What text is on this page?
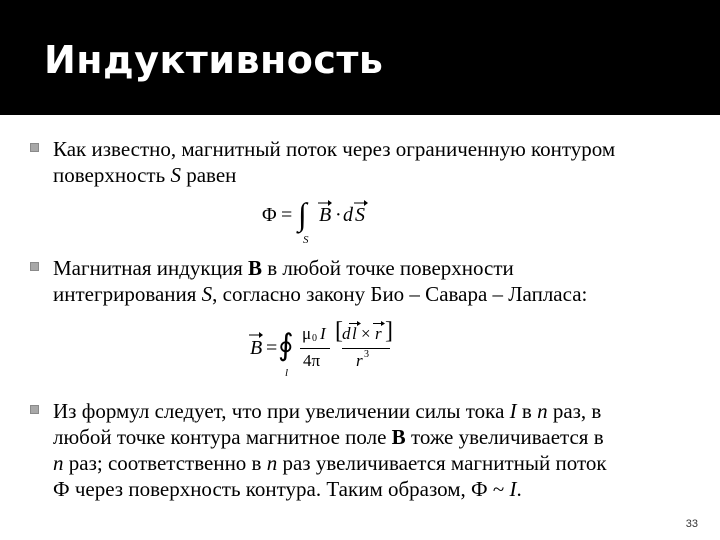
Индуктивность
Как известно, магнитный поток через ограниченную контуром
поверхность S равен
Φ = ∫
S
B · d S
Магнитная индукция B в любой точке поверхности
интегрирования S, согласно закону Био – Савара – Лапласа:
B = ∮
l
μ 0 I
4π
[ d l × r ]
r 3
Из формул следует, что при увеличении силы тока I в n раз, в
любой точке контура магнитное поле B тоже увеличивается в
n раз; соответственно в n раз увеличивается магнитный поток
Ф через поверхность контура. Таким образом, Ф ~ I.
33
